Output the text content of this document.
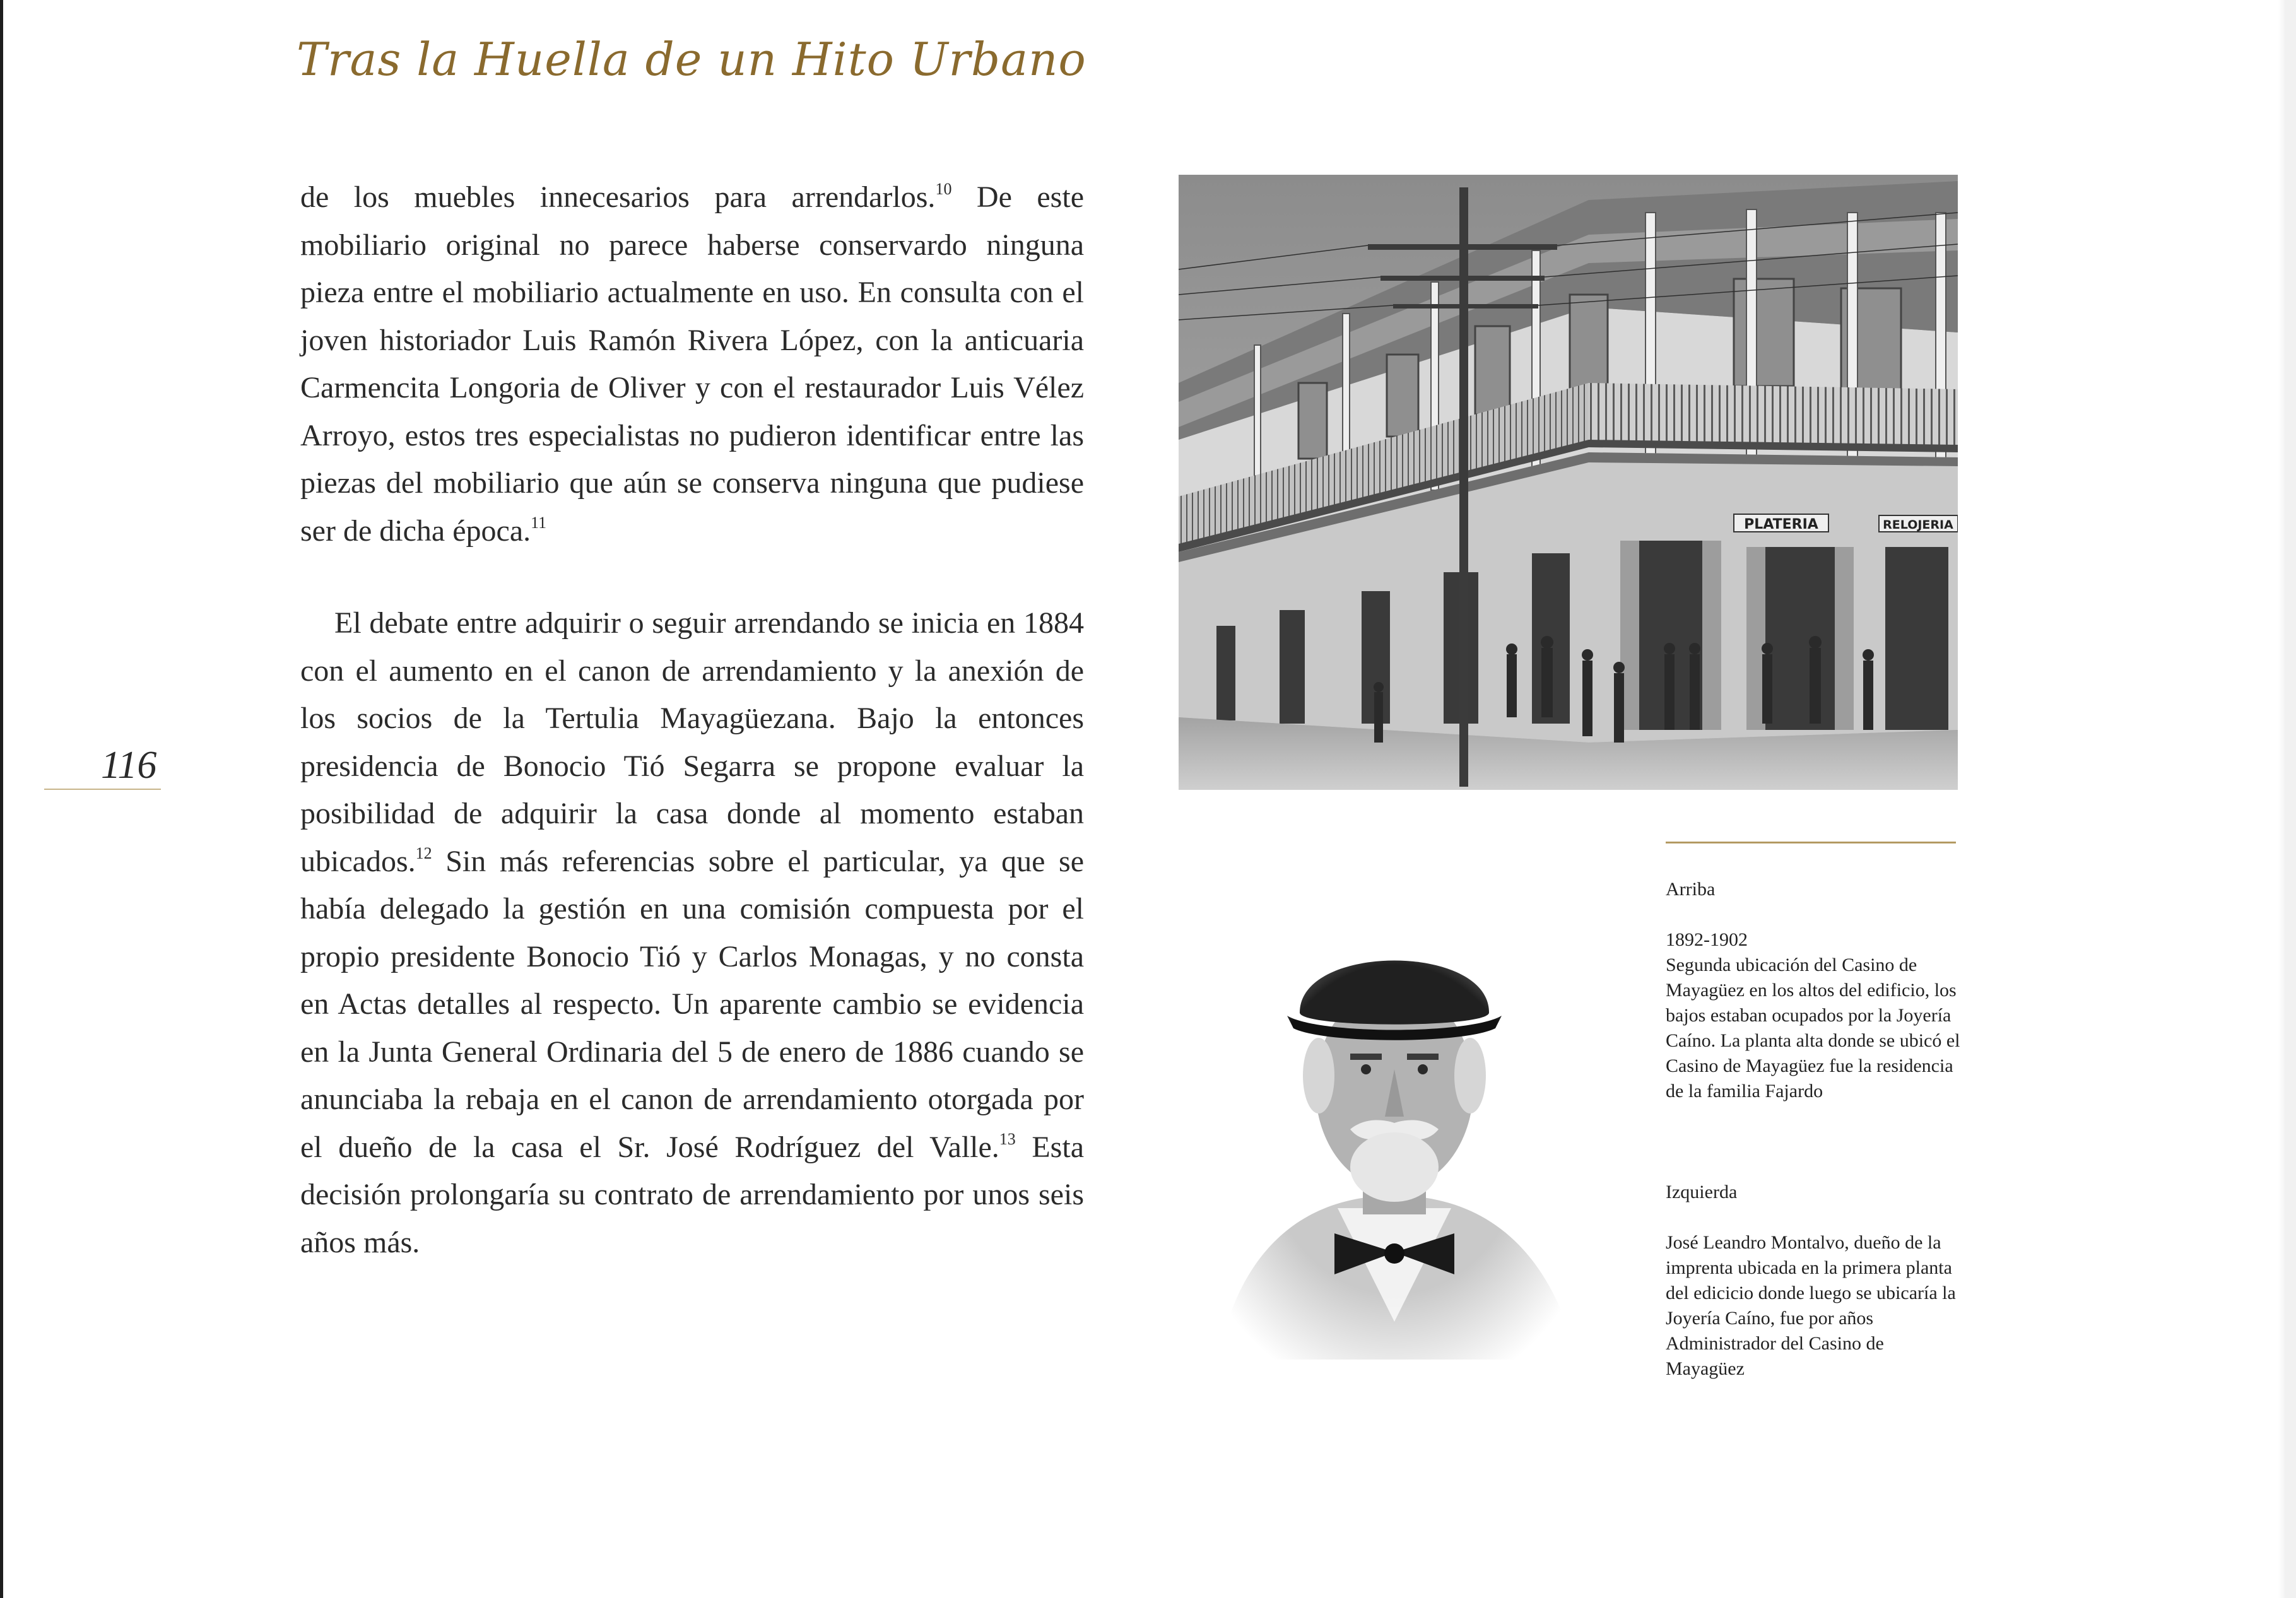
Tras la Huella de un Hito Urbano
116

de los muebles innecesarios para arrendarlos.$^{10}$ De este mobiliario original no parece haberse conservardo ninguna pieza entre el mobiliario actualmente en uso. En consulta con el joven historiador Luis Ramón Rivera López, con la anticuaria Carmencita Longoria de Oliver y con el restaurador Luis Vélez Arroyo, estos tres especialistas no pudieron identificar entre las piezas del mobiliario que aún se conserva ninguna que pudiese ser de dicha época.$^{11}$

El debate entre adquirir o seguir arrendando se inicia en 1884 con el aumento en el canon de arrendamiento y la anexión de los socios de la Tertulia Mayagüezana. Bajo la entonces presidencia de Bonocio Tió Segarra se propone evaluar la posibilidad de adquirir la casa donde al momento estaban ubicados.$^{12}$ Sin más referencias sobre el particular, ya que se había delegado la gestión en una comisión compuesta por el propio presidente Bonocio Tió y Carlos Monagas, y no consta en Actas detalles al respecto. Un aparente cambio se evidencia en la Junta General Ordinaria del 5 de enero de 1886 cuando se anunciaba la rebaja en el canon de arrendamiento otorgada por el dueño de la casa el Sr. José Rodríguez del Valle.$^{13}$ Esta decisión prolongaría su contrato de arrendamiento por unos seis años más.

PLATERIA	RELOJERIA

Arriba

1892-1902

Segunda ubicación del Casino de Mayagüez en los altos del edificio, los bajos estaban ocupados por la Joyería Caíno. La planta alta donde se ubicó el Casino de Mayagüez fue la residencia de la familia Fajardo

Izquierda

José Leandro Montalvo, dueño de la imprenta ubicada en la primera planta del edicicio donde luego se ubicaría la Joyería Caíno, fue por años Administrador del Casino de Mayagüez
